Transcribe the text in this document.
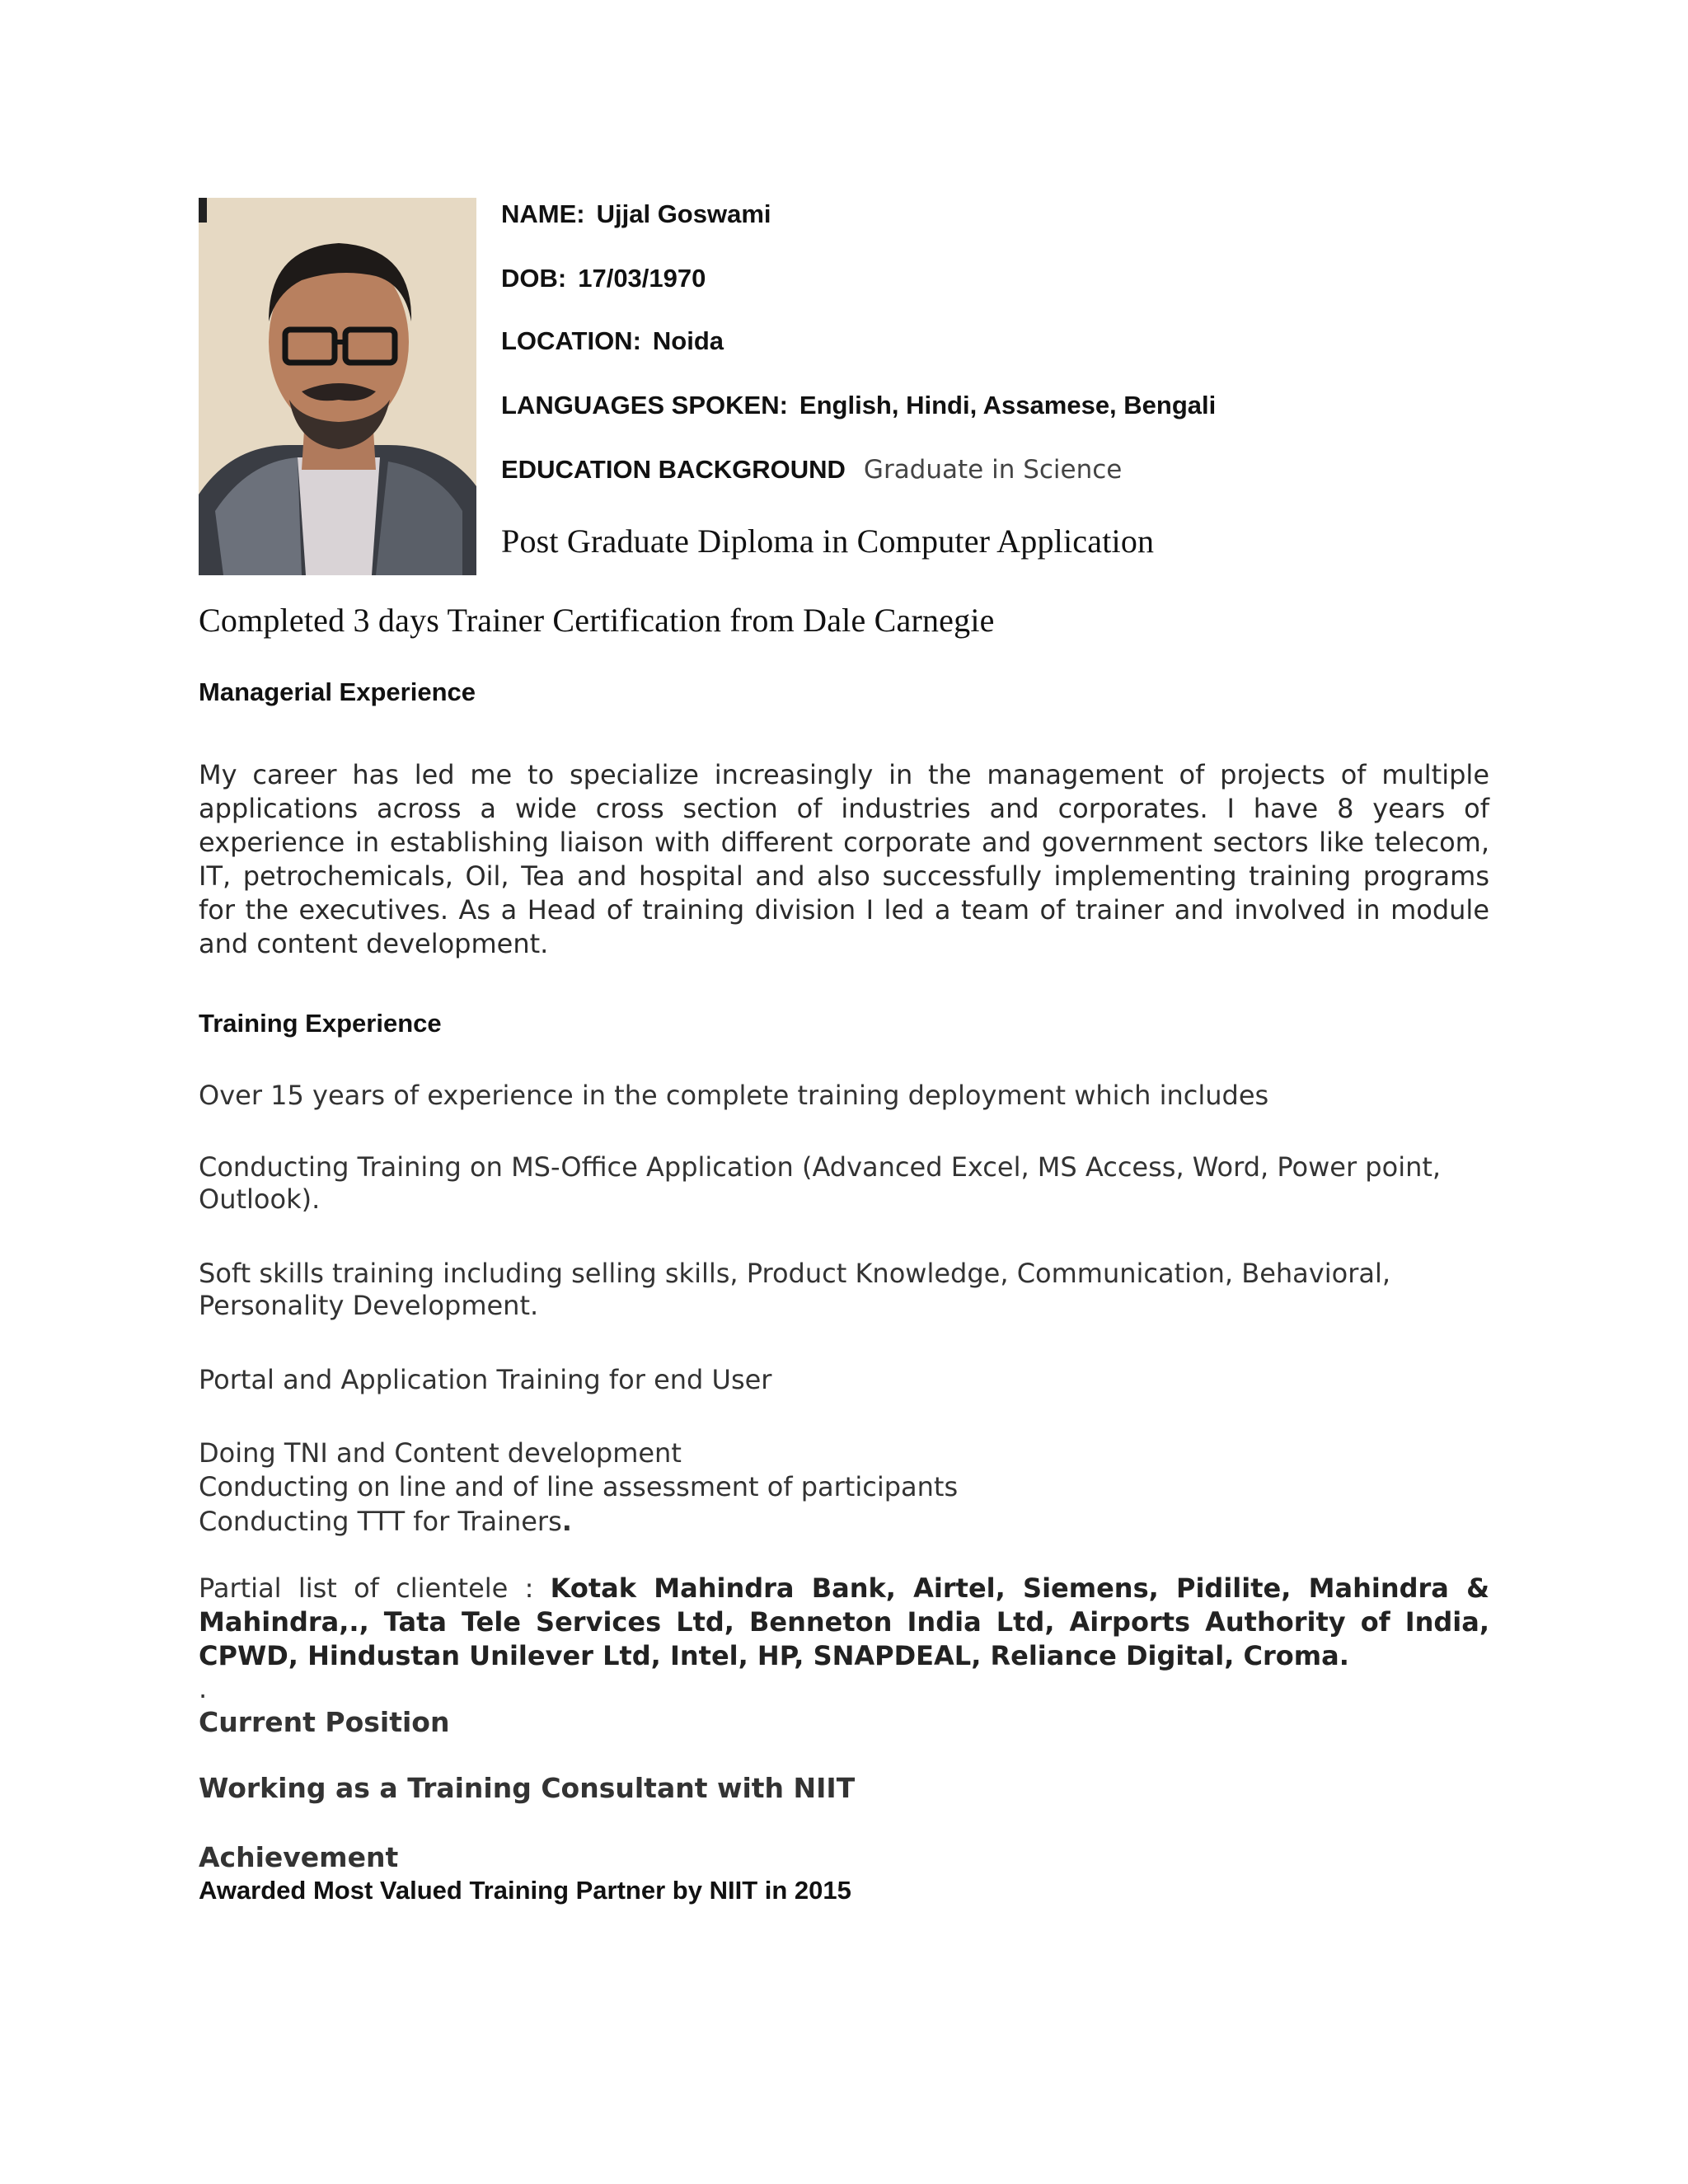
NAME: Ujjal Goswami

DOB: 17/03/1970

LOCATION: Noida

LANGUAGES SPOKEN: English, Hindi, Assamese, Bengali

EDUCATION BACKGROUND Graduate in Science

Post Graduate Diploma in Computer Application

Completed 3 days Trainer Certification from Dale Carnegie

Managerial Experience

My career has led me to specialize increasingly in the management of projects of multiple applications across a wide cross section of industries and corporates. I have 8 years of experience in establishing liaison with different corporate and government sectors like telecom, IT, petrochemicals, Oil, Tea and hospital and also successfully implementing training programs for the executives. As a Head of training division I led a team of trainer and involved in module and content development.

Training Experience

Over 15 years of experience in the complete training deployment which includes

Conducting Training on MS-Office Application (Advanced Excel, MS Access, Word, Power point, Outlook).

Soft skills training including selling skills, Product Knowledge, Communication, Behavioral, Personality Development.

Portal and Application Training for end User

Doing TNI and Content development

Conducting on line and of line assessment of participants

Conducting TTT for Trainers.

Partial list of clientele : Kotak Mahindra Bank, Airtel, Siemens, Pidilite, Mahindra & Mahindra,., Tata Tele Services Ltd, Benneton India Ltd, Airports Authority of India, CPWD, Hindustan Unilever Ltd, Intel, HP, SNAPDEAL, Reliance Digital, Croma.

.

Current Position

Working as a Training Consultant with NIIT

Achievement

Awarded Most Valued Training Partner by NIIT in 2015
